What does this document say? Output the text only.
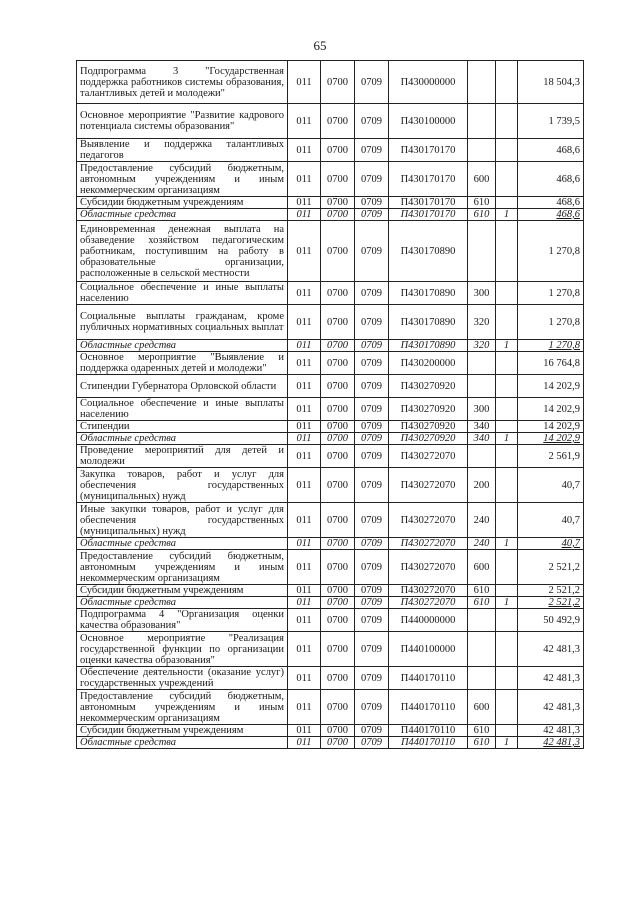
65
Подпрограмма 3 "Государственная поддержка работников системы образования, талантливых детей и молодежи"	011	0700	0709	П430000000			18 504,3
Основное мероприятие "Развитие кадрового потенциала системы образования"	011	0700	0709	П430100000			1 739,5
Выявление и поддержка талантливых педагогов	011	0700	0709	П430170170			468,6
Предоставление субсидий бюджетным, автономным учреждениям и иным некоммерческим организациям	011	0700	0709	П430170170	600		468,6
Субсидии бюджетным учреждениям	011	0700	0709	П430170170	610		468,6
Областные средства	011	0700	0709	П430170170	610	1	468,6
Единовременная денежная выплата на обзаведение хозяйством педагогическим работникам, поступившим на работу в образовательные организации, расположенные в сельской местности	011	0700	0709	П430170890			1 270,8
Социальное обеспечение и иные выплаты населению	011	0700	0709	П430170890	300		1 270,8
Социальные выплаты гражданам, кроме публичных нормативных социальных выплат	011	0700	0709	П430170890	320		1 270,8
Областные средства	011	0700	0709	П430170890	320	1	1 270,8
Основное мероприятие "Выявление и поддержка одаренных детей и молодежи"	011	0700	0709	П430200000			16 764,8
Стипендии Губернатора Орловской области	011	0700	0709	П430270920			14 202,9
Социальное обеспечение и иные выплаты населению	011	0700	0709	П430270920	300		14 202,9
Стипендии	011	0700	0709	П430270920	340		14 202,9
Областные средства	011	0700	0709	П430270920	340	1	14 202,9
Проведение мероприятий для детей и молодежи	011	0700	0709	П430272070			2 561,9
Закупка товаров, работ и услуг для обеспечения государственных (муниципальных) нужд	011	0700	0709	П430272070	200		40,7
Иные закупки товаров, работ и услуг для обеспечения государственных (муниципальных) нужд	011	0700	0709	П430272070	240		40,7
Областные средства	011	0700	0709	П430272070	240	1	40,7
Предоставление субсидий бюджетным, автономным учреждениям и иным некоммерческим организациям	011	0700	0709	П430272070	600		2 521,2
Субсидии бюджетным учреждениям	011	0700	0709	П430272070	610		2 521,2
Областные средства	011	0700	0709	П430272070	610	1	2 521,2
Подпрограмма 4 "Организация оценки качества образования"	011	0700	0709	П440000000			50 492,9
Основное мероприятие "Реализация государственной функции по организации оценки качества образования"	011	0700	0709	П440100000			42 481,3
Обеспечение деятельности (оказание услуг) государственных учреждений	011	0700	0709	П440170110			42 481,3
Предоставление субсидий бюджетным, автономным учреждениям и иным некоммерческим организациям	011	0700	0709	П440170110	600		42 481,3
Субсидии бюджетным учреждениям	011	0700	0709	П440170110	610		42 481,3
Областные средства	011	0700	0709	П440170110	610	1	42 481,3
